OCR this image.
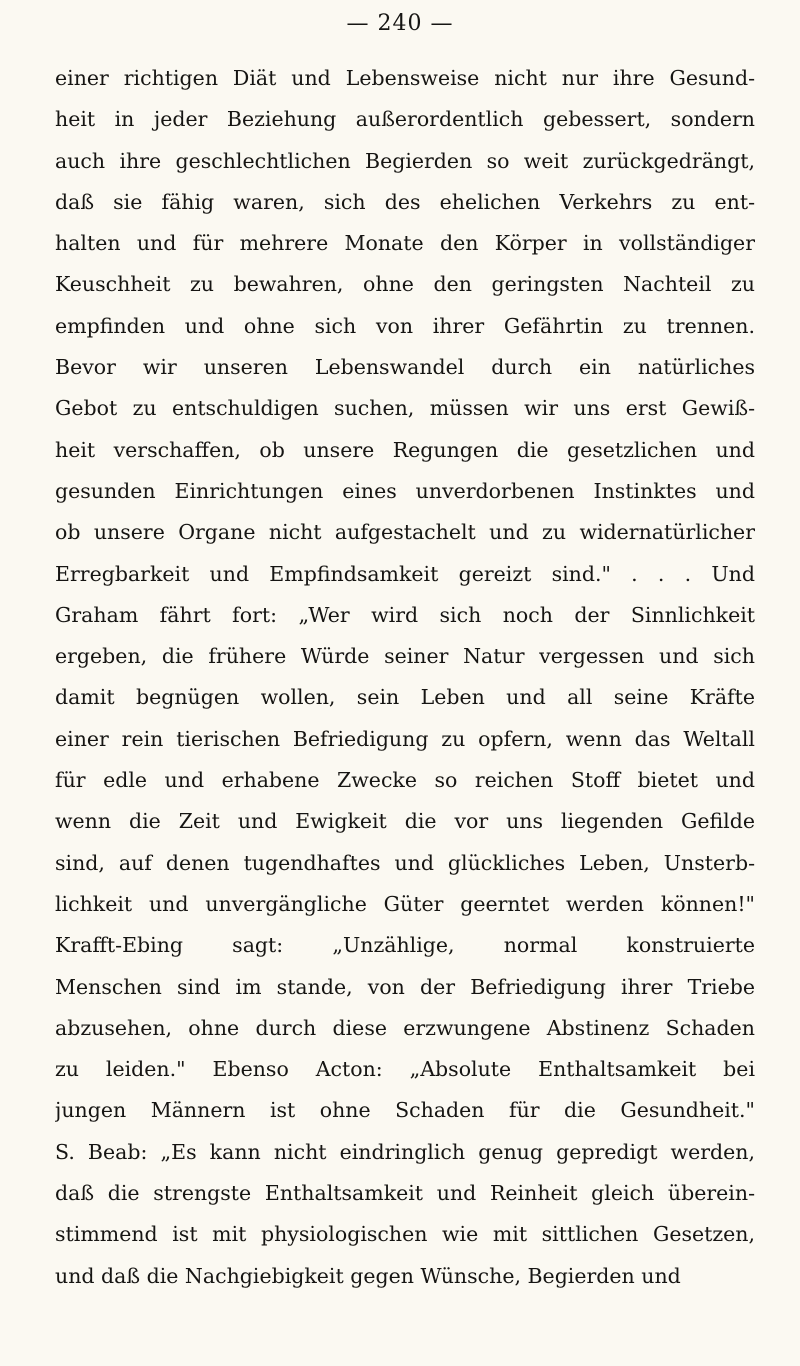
— 240 —
einer richtigen Diät und Lebensweise nicht nur ihre Gesund-
heit in jeder Beziehung außerordentlich gebessert, sondern
auch ihre geschlechtlichen Begierden so weit zurückgedrängt,
daß sie fähig waren, sich des ehelichen Verkehrs zu ent-
halten und für mehrere Monate den Körper in vollständiger
Keuschheit zu bewahren, ohne den geringsten Nachteil zu
empfinden und ohne sich von ihrer Gefährtin zu trennen.
Bevor wir unseren Lebenswandel durch ein natürliches
Gebot zu entschuldigen suchen, müssen wir uns erst Gewiß-
heit verschaffen, ob unsere Regungen die gesetzlichen und
gesunden Einrichtungen eines unverdorbenen Instinktes und
ob unsere Organe nicht aufgestachelt und zu widernatürlicher
Erregbarkeit und Empfindsamkeit gereizt sind." . . . Und
Graham fährt fort: „Wer wird sich noch der Sinnlichkeit
ergeben, die frühere Würde seiner Natur vergessen und sich
damit begnügen wollen, sein Leben und all seine Kräfte
einer rein tierischen Befriedigung zu opfern, wenn das Weltall
für edle und erhabene Zwecke so reichen Stoff bietet und
wenn die Zeit und Ewigkeit die vor uns liegenden Gefilde
sind, auf denen tugendhaftes und glückliches Leben, Unsterb-
lichkeit und unvergängliche Güter geerntet werden können!"
Krafft-Ebing sagt: „Unzählige, normal konstruierte
Menschen sind im stande, von der Befriedigung ihrer Triebe
abzusehen, ohne durch diese erzwungene Abstinenz Schaden
zu leiden." Ebenso Acton: „Absolute Enthaltsamkeit bei
jungen Männern ist ohne Schaden für die Gesundheit."
S. Beab: „Es kann nicht eindringlich genug gepredigt werden,
daß die strengste Enthaltsamkeit und Reinheit gleich überein-
stimmend ist mit physiologischen wie mit sittlichen Gesetzen,
und daß die Nachgiebigkeit gegen Wünsche, Begierden und
